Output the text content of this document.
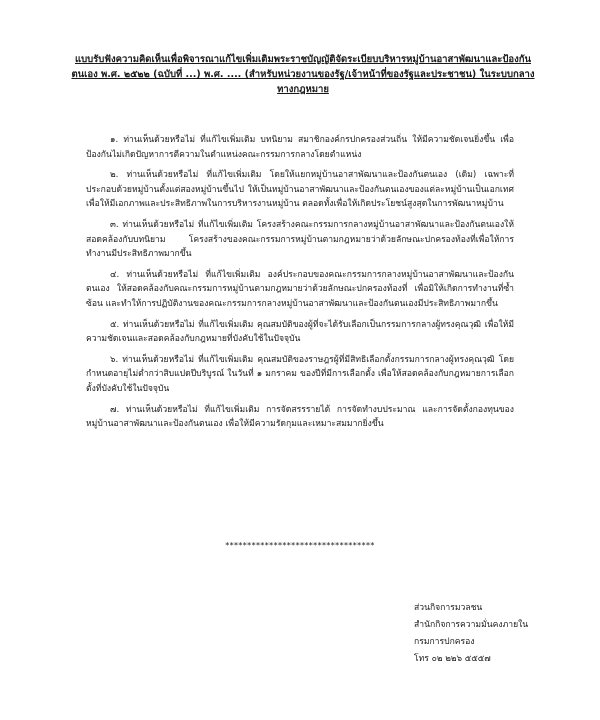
แบบรับฟังความคิดเห็นเพื่อพิจารณาแก้ไขเพิ่มเติมพระราชบัญญัติจัดระเบียบบริหารหมู่บ้านอาสาพัฒนาและป้องกันตนเอง พ.ศ. ๒๕๒๒ (ฉบับที่ ...) พ.ศ. .... (สำหรับหน่วยงานของรัฐ/เจ้าหน้าที่ของรัฐและประชาชน) ในระบบกลางทางกฎหมาย

๑. ท่านเห็นด้วยหรือไม่ ที่แก้ไขเพิ่มเติม บทนิยาม สมาชิกองค์กรปกครองส่วนถิ่น ให้มีความชัดเจนยิ่งขึ้น เพื่อป้องกันไม่เกิดปัญหาการตีความในตำแหน่งคณะกรรมการกลางโดยตำแหน่ง

๒. ท่านเห็นด้วยหรือไม่ ที่แก้ไขเพิ่มเติม โดยให้แยกหมู่บ้านอาสาพัฒนาและป้องกันตนเอง (เดิม) เฉพาะที่ประกอบด้วยหมู่บ้านตั้งแต่สองหมู่บ้านขึ้นไป ให้เป็นหมู่บ้านอาสาพัฒนาและป้องกันตนเองของแต่ละหมู่บ้านเป็นเอกเทศ เพื่อให้มีเอกภาพและประสิทธิภาพในการบริหารงานหมู่บ้าน ตลอดทั้งเพื่อให้เกิดประโยชน์สูงสุดในการพัฒนาหมู่บ้าน

๓. ท่านเห็นด้วยหรือไม่ ที่แก้ไขเพิ่มเติม โครงสร้างคณะกรรมการกลางหมู่บ้านอาสาพัฒนาและป้องกันตนเองให้สอดคล้องกับบทนิยาม โครงสร้างของคณะกรรมการหมู่บ้านตามกฎหมายว่าด้วยลักษณะปกครองท้องที่เพื่อให้การทำงานมีประสิทธิภาพมากขึ้น

๔. ท่านเห็นด้วยหรือไม่ ที่แก้ไขเพิ่มเติม องค์ประกอบของคณะกรรมการกลางหมู่บ้านอาสาพัฒนาและป้องกันตนเอง ให้สอดคล้องกับคณะกรรมการหมู่บ้านตามกฎหมายว่าด้วยลักษณะปกครองท้องที่ เพื่อมิให้เกิดการทำงานที่ซ้ำซ้อน และทำให้การปฏิบัติงานของคณะกรรมการกลางหมู่บ้านอาสาพัฒนาและป้องกันตนเองมีประสิทธิภาพมากขึ้น

๕. ท่านเห็นด้วยหรือไม่ ที่แก้ไขเพิ่มเติม คุณสมบัติของผู้ที่จะได้รับเลือกเป็นกรรมการกลางผู้ทรงคุณวุฒิ เพื่อให้มีความชัดเจนและสอดคล้องกับกฎหมายที่บังคับใช้ในปัจจุบัน

๖. ท่านเห็นด้วยหรือไม่ ที่แก้ไขเพิ่มเติม คุณสมบัติของราษฎรผู้ที่มีสิทธิเลือกตั้งกรรมการกลางผู้ทรงคุณวุฒิ โดยกำหนดอายุไม่ต่ำกว่าสิบแปดปีบริบูรณ์ ในวันที่ ๑ มกราคม ของปีที่มีการเลือกตั้ง เพื่อให้สอดคล้องกับกฎหมายการเลือกตั้งที่บังคับใช้ในปัจจุบัน

๗. ท่านเห็นด้วยหรือไม่ ที่แก้ไขเพิ่มเติม การจัดสรรรายได้ การจัดทำงบประมาณ และการจัดตั้งกองทุนของหมู่บ้านอาสาพัฒนาและป้องกันตนเอง เพื่อให้มีความรัดกุมและเหมาะสมมากยิ่งขึ้น

**********************************
ส่วนกิจการมวลชน
สำนักกิจการความมั่นคงภายใน
กรมการปกครอง
โทร ๐๒ ๒๒๖ ๕๕๕๗
